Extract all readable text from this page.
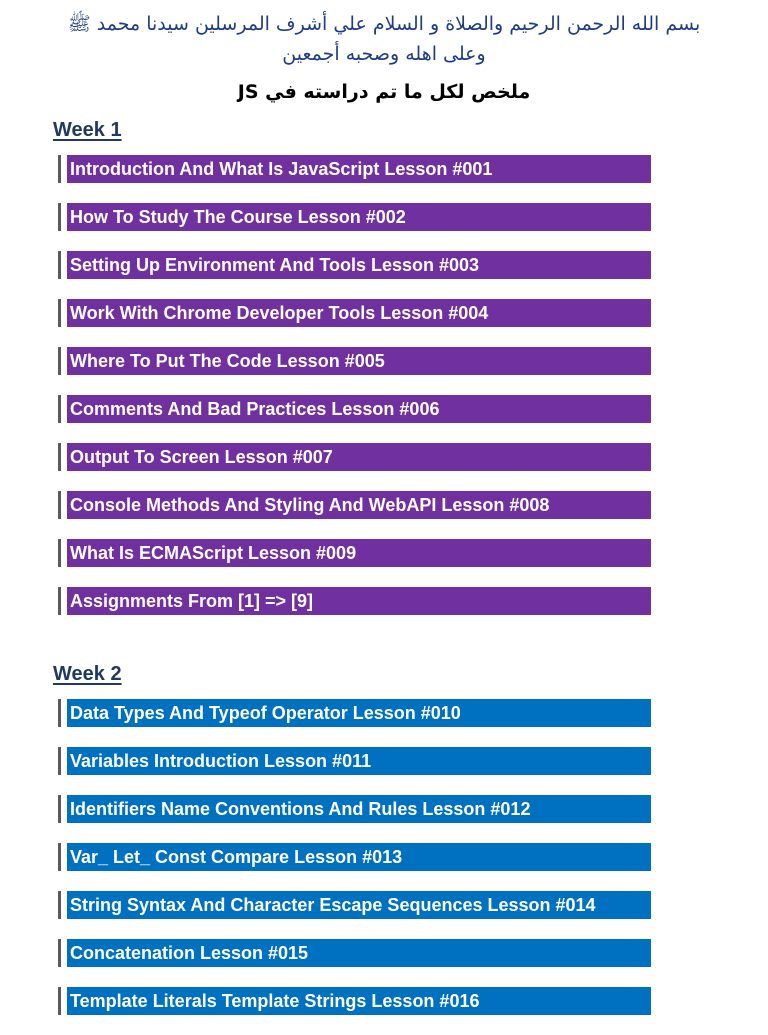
بسم الله الرحمن الرحيم والصلاة و السلام علي أشرف المرسلين سيدنا محمد ﷺ
وعلى اهله وصحبه أجمعين
ملخص لكل ما تم دراسته في JS
Week 1
Introduction And What Is JavaScript Lesson #001
How To Study The Course Lesson #002
Setting Up Environment And Tools Lesson #003
Work With Chrome Developer Tools Lesson #004
Where To Put The Code Lesson #005
Comments And Bad Practices Lesson #006
Output To Screen Lesson #007
Console Methods And Styling And WebAPI Lesson #008
What Is ECMAScript Lesson #009
Assignments From [1] => [9]
Week 2
Data Types And Typeof Operator Lesson #010
Variables Introduction Lesson #011
Identifiers Name Conventions And Rules Lesson #012
Var_ Let_ Const Compare Lesson #013
String Syntax And Character Escape Sequences Lesson #014
Concatenation Lesson #015
Template Literals Template Strings Lesson #016
